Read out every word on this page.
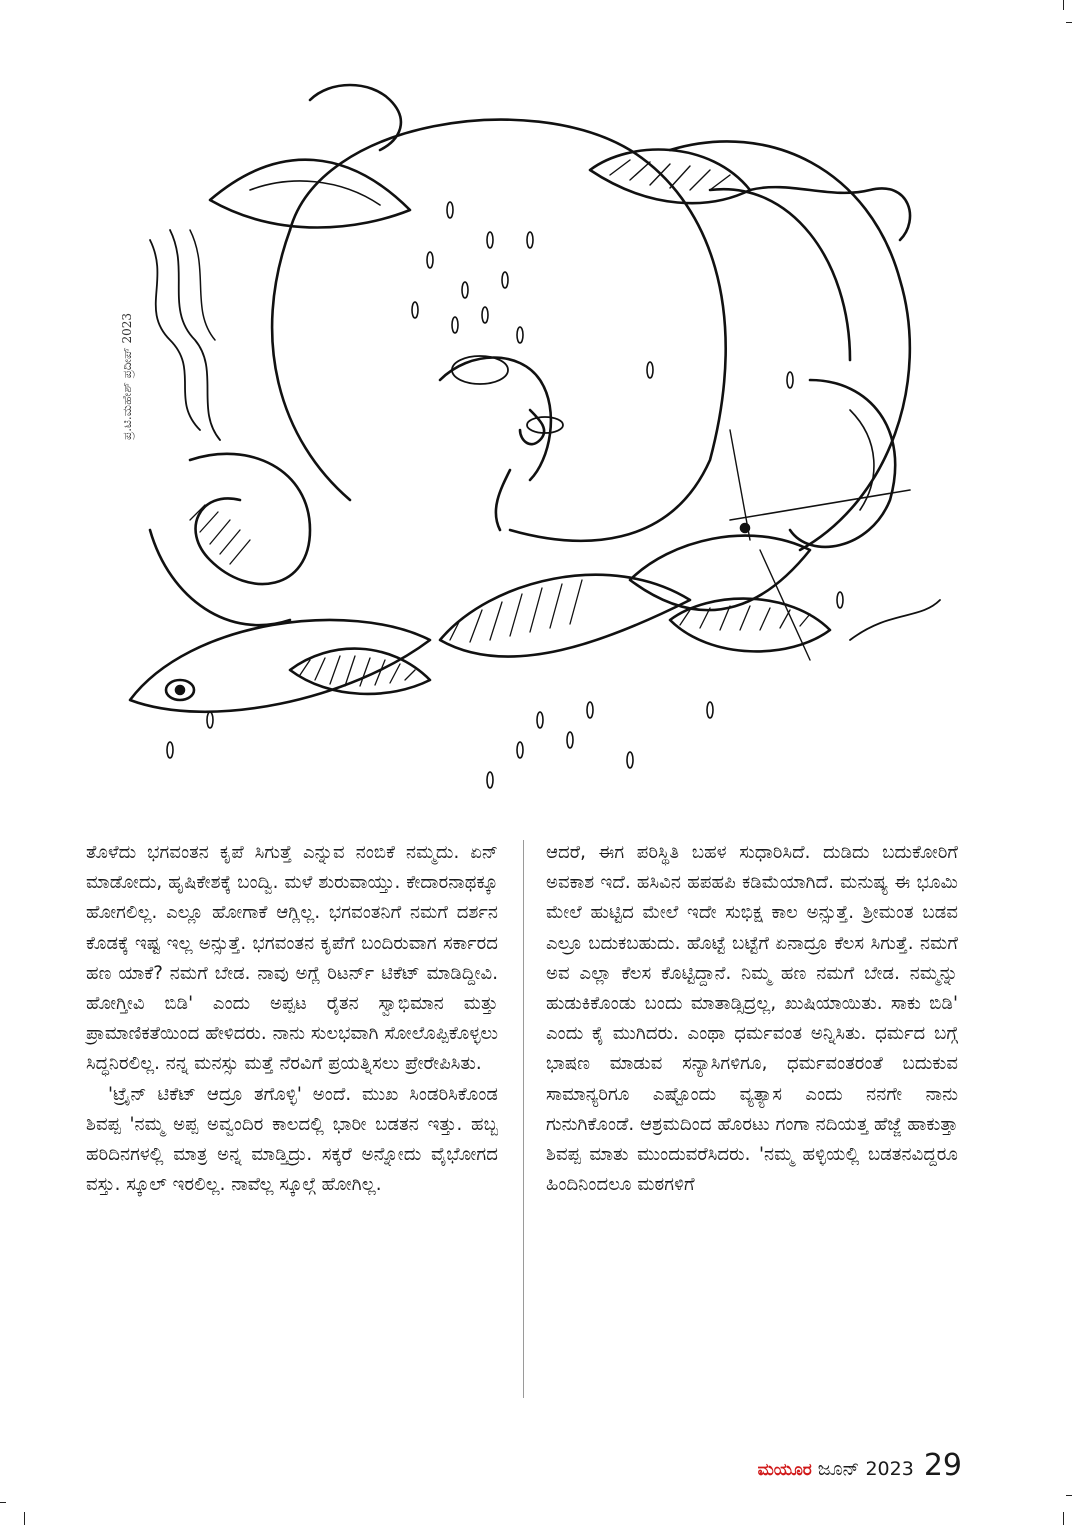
ಪ್ರ.ಟಿ.ಮಹೇಶ್ ಪ್ರದೀಪ್ 2023

ತೊಳೆದು ಭಗವಂತನ ಕೃಪೆ ಸಿಗುತ್ತೆ ಎನ್ನುವ ನಂಬಿಕೆ ನಮ್ಮದು. ಏನ್ ಮಾಡೋದು, ಹೃಷಿಕೇಶಕ್ಕೆ ಬಂದ್ವಿ. ಮಳೆ ಶುರುವಾಯ್ತು. ಕೇದಾರನಾಥಕ್ಕೂ ಹೋಗಲಿಲ್ಲ. ಎಲ್ಲೂ ಹೋಗಾಕೆ ಆಗ್ಲಿಲ್ಲ. ಭಗವಂತನಿಗೆ ನಮಗೆ ದರ್ಶನ ಕೊಡಕ್ಕೆ ಇಷ್ಟ ಇಲ್ಲ ಅನ್ಸುತ್ತೆ. ಭಗವಂತನ ಕೃಪೆಗೆ ಬಂದಿರುವಾಗ ಸರ್ಕಾರದ ಹಣ ಯಾಕೆ? ನಮಗೆ ಬೇಡ. ನಾವು ಅಗ್ಲೆ ರಿಟರ್ನ್ ಟಿಕೆಟ್ ಮಾಡಿದ್ದೀವಿ. ಹೋಗ್ತೀವಿ ಬಿಡಿ' ಎಂದು ಅಪ್ಪಟ ರೈತನ ಸ್ವಾಭಿಮಾನ ಮತ್ತು ಪ್ರಾಮಾಣಿಕತೆಯಿಂದ ಹೇಳಿದರು. ನಾನು ಸುಲಭವಾಗಿ ಸೋಲೊಪ್ಪಿಕೊಳ್ಳಲು ಸಿದ್ಧನಿರಲಿಲ್ಲ. ನನ್ನ ಮನಸ್ಸು ಮತ್ತೆ ನೆರವಿಗೆ ಪ್ರಯತ್ನಿಸಲು ಪ್ರೇರೇಪಿಸಿತು.

'ಟ್ರೈನ್ ಟಿಕೆಟ್ ಆದ್ರೂ ತಗೊಳ್ಳಿ' ಅಂದೆ. ಮುಖ ಸಿಂಡರಿಸಿಕೊಂಡ ಶಿವಪ್ಪ 'ನಮ್ಮ ಅಪ್ಪ ಅವ್ವಂದಿರ ಕಾಲದಲ್ಲಿ ಭಾರೀ ಬಡತನ ಇತ್ತು. ಹಬ್ಬ ಹರಿದಿನಗಳಲ್ಲಿ ಮಾತ್ರ ಅನ್ನ ಮಾಡ್ತಿದ್ರು. ಸಕ್ಕರೆ ಅನ್ನೋದು ವೈಭೋಗದ ವಸ್ತು. ಸ್ಕೂಲ್ ಇರಲಿಲ್ಲ. ನಾವೆಲ್ಲ ಸ್ಕೂಲ್ಗೆ ಹೋಗಿಲ್ಲ.

ಆದರೆ, ಈಗ ಪರಿಸ್ಥಿತಿ ಬಹಳ ಸುಧಾರಿಸಿದೆ. ದುಡಿದು ಬದುಕೋರಿಗೆ ಅವಕಾಶ ಇದೆ. ಹಸಿವಿನ ಹಪಹಪಿ ಕಡಿಮೆಯಾಗಿದೆ. ಮನುಷ್ಯ ಈ ಭೂಮಿ ಮೇಲೆ ಹುಟ್ಟಿದ ಮೇಲೆ ಇದೇ ಸುಭಿಕ್ಷ ಕಾಲ ಅನ್ಸುತ್ತೆ. ಶ್ರೀಮಂತ ಬಡವ ಎಲ್ರೂ ಬದುಕಬಹುದು. ಹೊಟ್ಟೆ ಬಟ್ಟೆಗೆ ಏನಾದ್ರೂ ಕೆಲಸ ಸಿಗುತ್ತೆ. ನಮಗೆ ಅವ ಎಲ್ಲಾ ಕೆಲಸ ಕೊಟ್ಟಿದ್ದಾನೆ. ನಿಮ್ಮ ಹಣ ನಮಗೆ ಬೇಡ. ನಮ್ಮನ್ನು ಹುಡುಕಿಕೊಂಡು ಬಂದು ಮಾತಾಡ್ಸಿದ್ರಲ್ಲ, ಖುಷಿಯಾಯಿತು. ಸಾಕು ಬಿಡಿ' ಎಂದು ಕೈ ಮುಗಿದರು. ಎಂಥಾ ಧರ್ಮವಂತ ಅನ್ನಿಸಿತು. ಧರ್ಮದ ಬಗ್ಗೆ ಭಾಷಣ ಮಾಡುವ ಸನ್ಯಾಸಿಗಳಿಗೂ, ಧರ್ಮವಂತರಂತೆ ಬದುಕುವ ಸಾಮಾನ್ಯರಿಗೂ ಎಷ್ಟೊಂದು ವ್ಯತ್ಯಾಸ ಎಂದು ನನಗೇ ನಾನು ಗುನುಗಿಕೊಂಡೆ. ಆಶ್ರಮದಿಂದ ಹೊರಟು ಗಂಗಾ ನದಿಯತ್ತ ಹೆಜ್ಜೆ ಹಾಕುತ್ತಾ ಶಿವಪ್ಪ ಮಾತು ಮುಂದುವರೆಸಿದರು. 'ನಮ್ಮ ಹಳ್ಳಿಯಲ್ಲಿ ಬಡತನವಿದ್ದರೂ ಹಿಂದಿನಿಂದಲೂ ಮಠಗಳಿಗೆ

ಮಯೂರ ಜೂನ್ 2023 29
